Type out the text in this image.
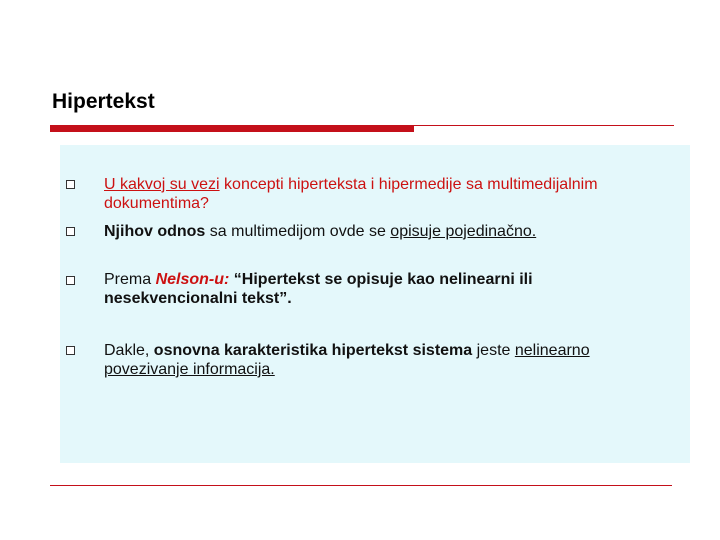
Hipertekst
U kakvoj su vezi koncepti hiperteksta i hipermedije sa multimedijalnim dokumentima?
Njihov odnos sa multimedijom ovde se opisuje pojedinačno.
Prema Nelson-u: “Hipertekst se opisuje kao nelinearni ili nesekvencionalni tekst”.
Dakle, osnovna karakteristika hipertekst sistema jeste nelinearno povezivanje informacija.
